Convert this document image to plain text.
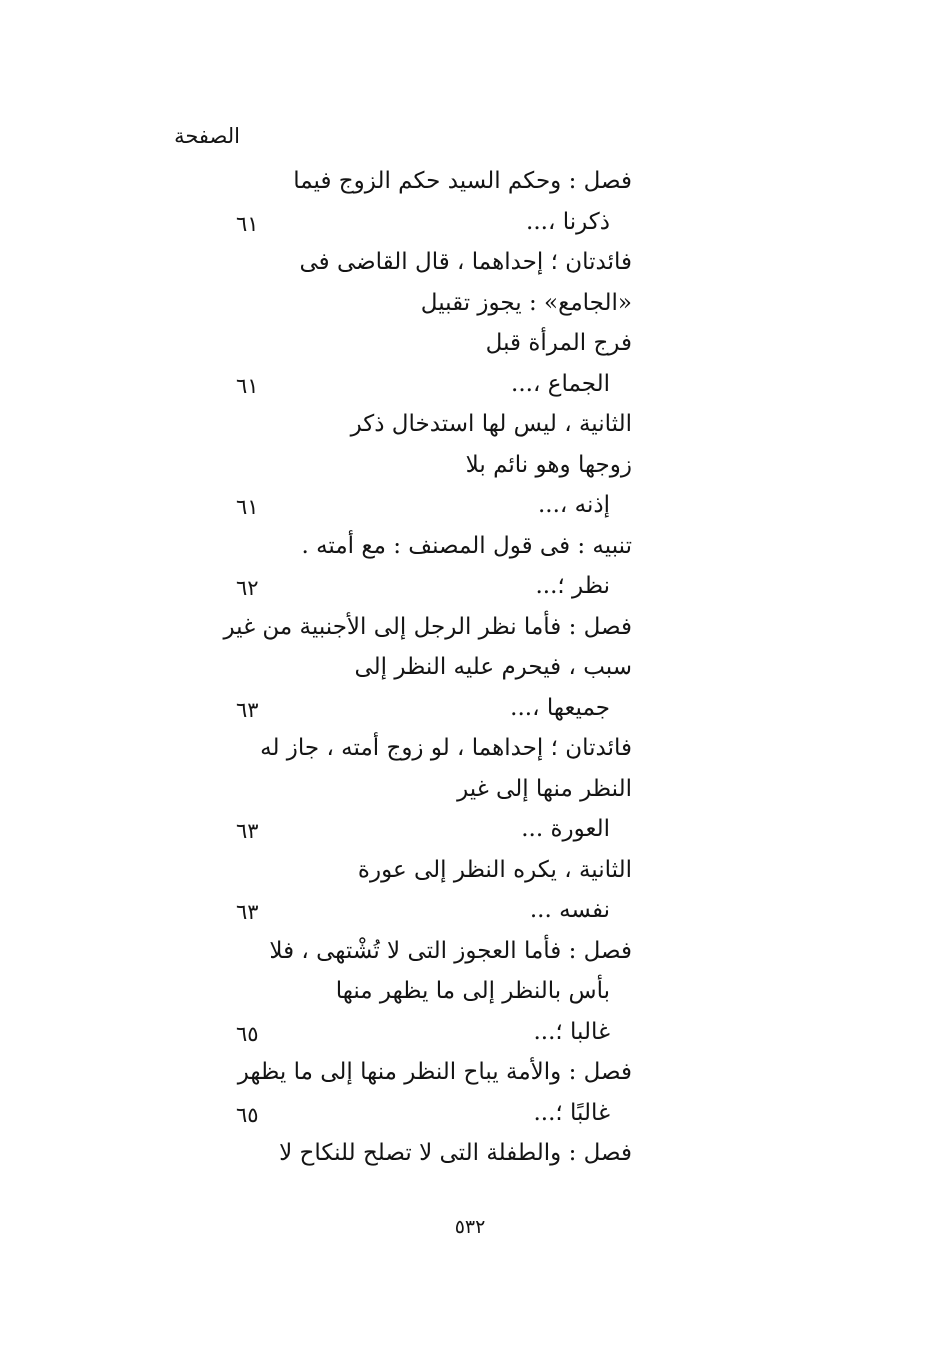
الصفحة
فصل : وحكم السيد حكم الزوج فيما
ذكرنا ،...
فائدتان ؛ إحداهما ، قال القاضى فى
«الجامع» : يجوز تقبيل
فرج المرأة قبل
الجماع ،...
الثانية ، ليس لها استدخال ذكر
زوجها وهو نائم بلا
إذنه ،...
تنبيه : فى قول المصنف : مع أمته .
نظر ؛...
فصل : فأما نظر الرجل إلى الأجنبية من غير
سبب ، فيحرم عليه النظر إلى
جميعها ،...
فائدتان ؛ إحداهما ، لو زوج أمته ، جاز له
النظر منها إلى غير
العورة ...
الثانية ، يكره النظر إلى عورة
نفسه ...
فصل : فأما العجوز التى لا تُشْتهى ، فلا
بأس بالنظر إلى ما يظهر منها
غالبا ؛...
فصل : والأمة يباح النظر منها إلى ما يظهر
غالبًا ؛...
فصل : والطفلة التى لا تصلح للنكاح لا
٦١
٦١
٦١
٦٢
٦٣
٦٣
٦٣
٦٥
٦٥
٥٣٢
